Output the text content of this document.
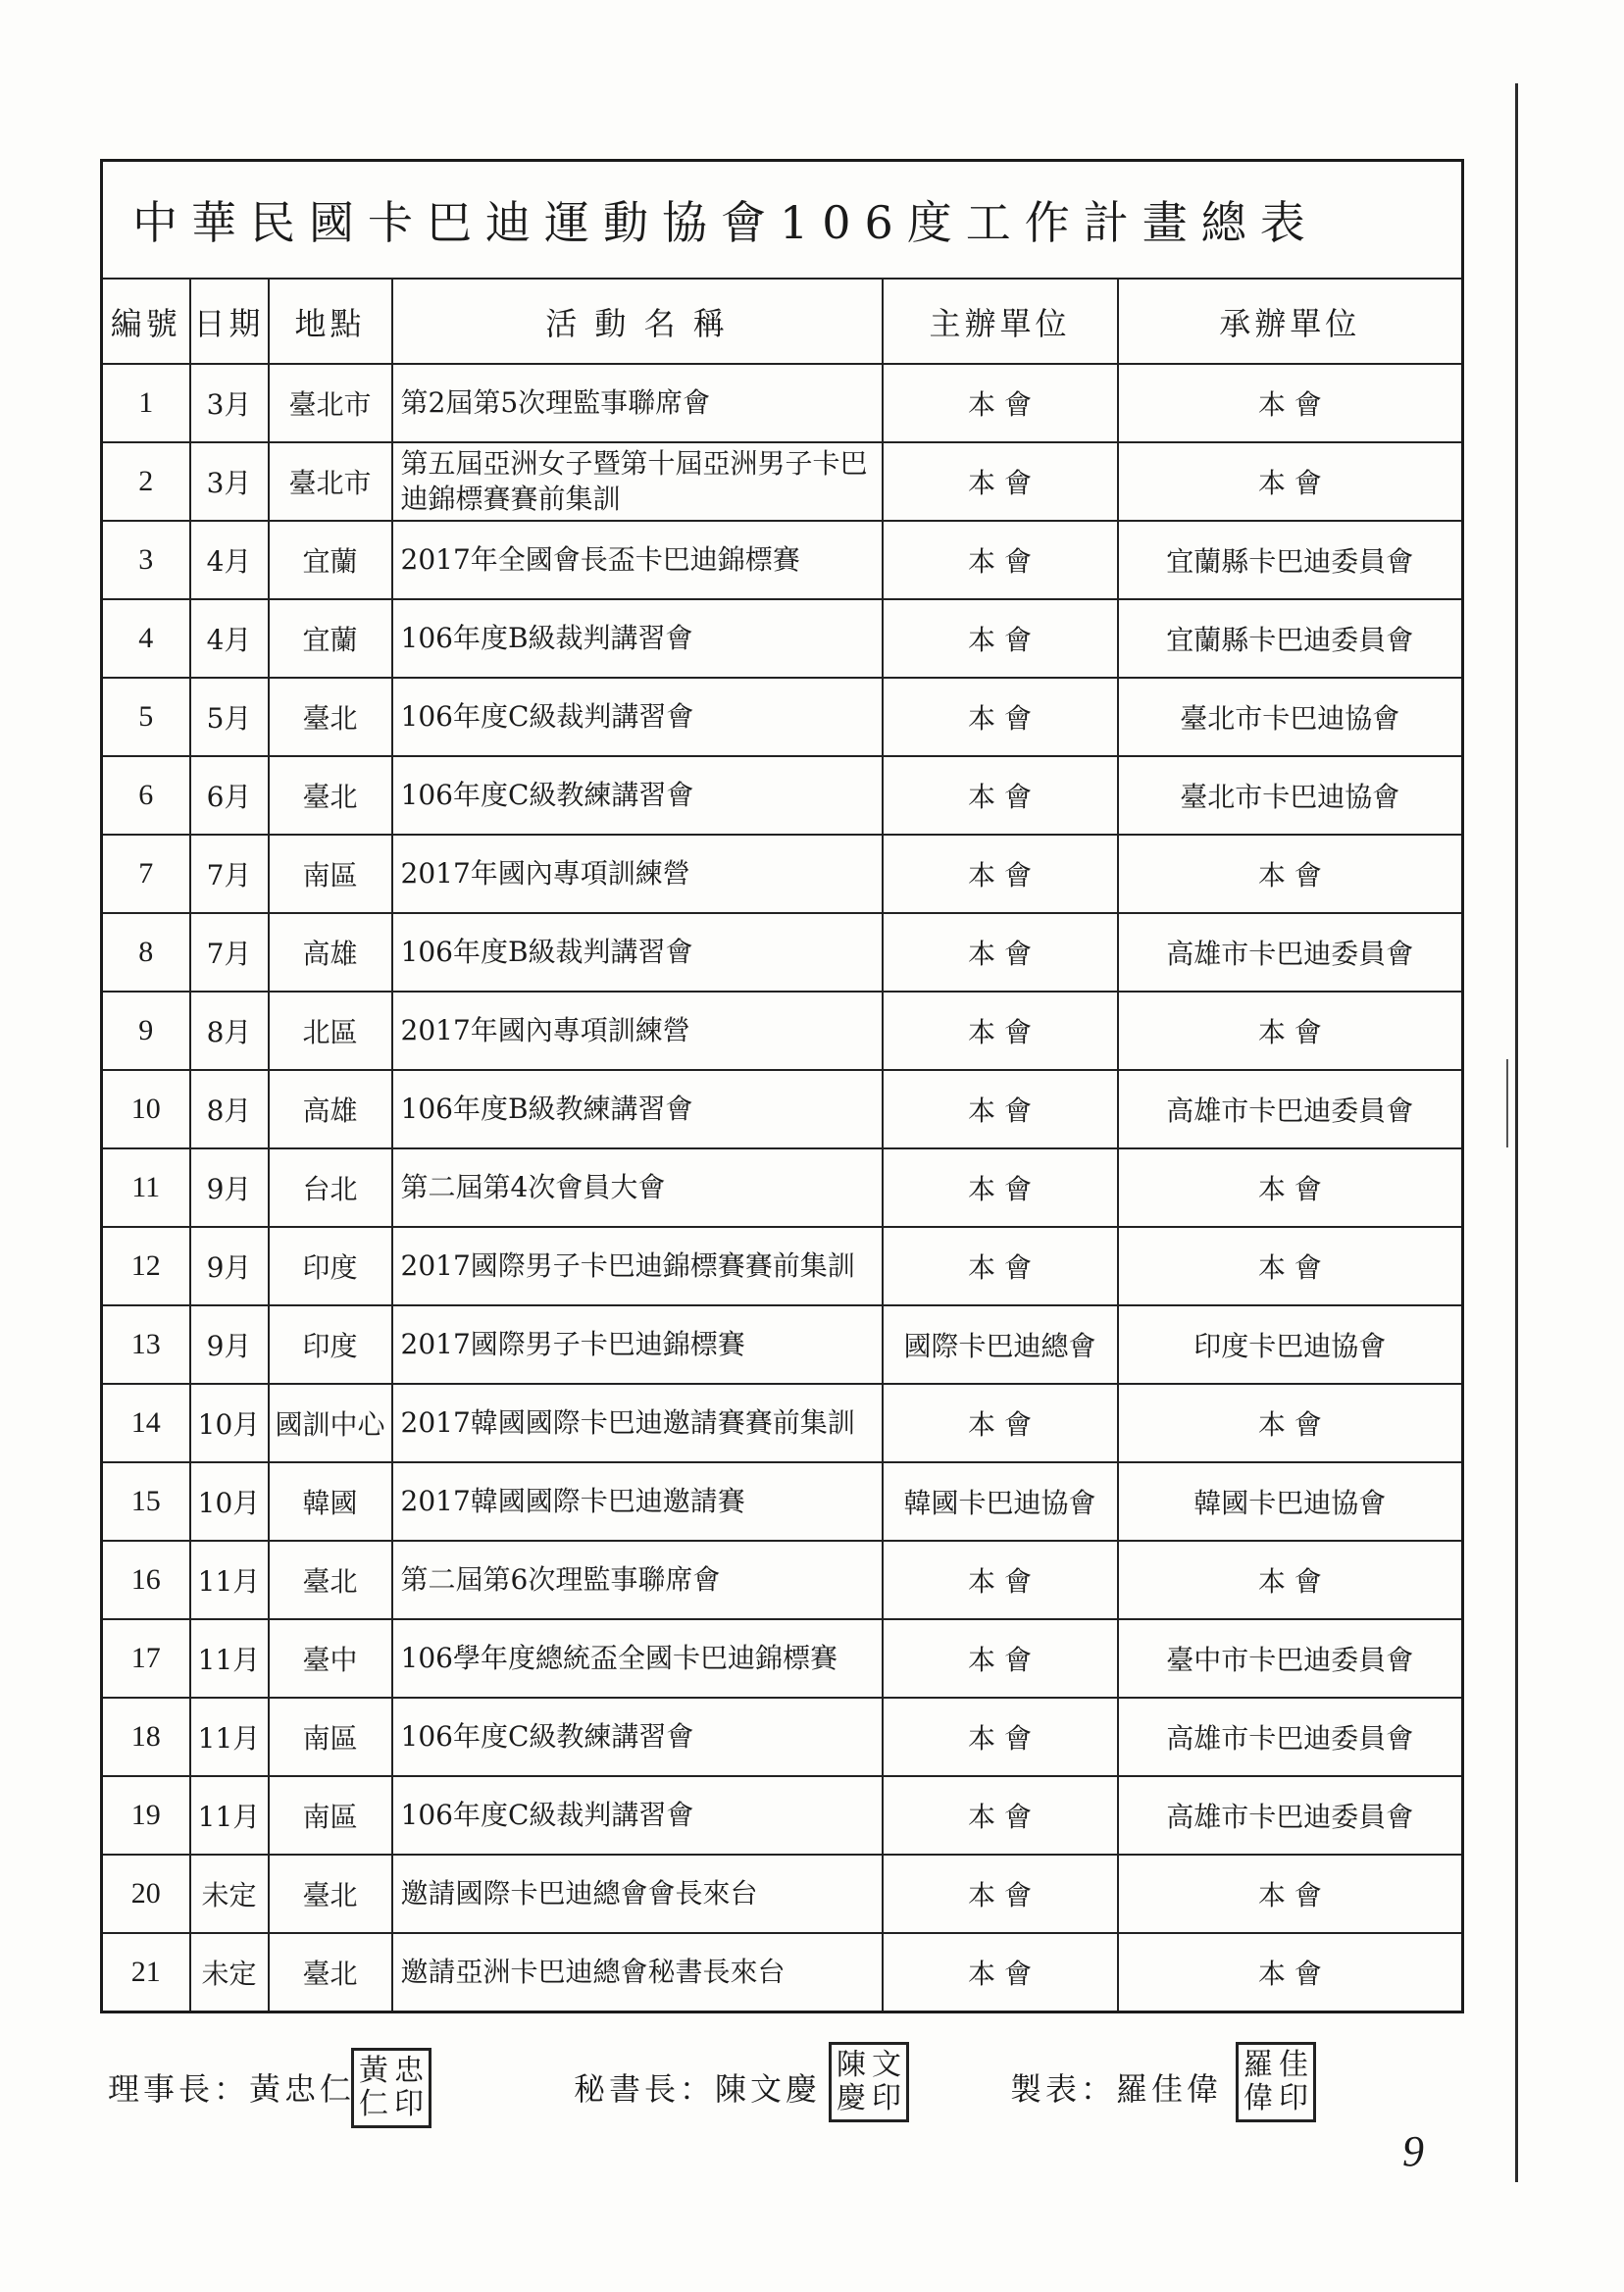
中華民國卡巴迪運動協會106度工作計畫總表					
編號	日期	地點	活 動 名 稱	主辦單位	承辦單位
1	3月	臺北市	第2屆第5次理監事聯席會	本 會	本 會
2	3月	臺北市	第五屆亞洲女子暨第十屆亞洲男子卡巴迪錦標賽賽前集訓	本 會	本 會
3	4月	宜蘭	2017年全國會長盃卡巴迪錦標賽	本 會	宜蘭縣卡巴迪委員會
4	4月	宜蘭	106年度B級裁判講習會	本 會	宜蘭縣卡巴迪委員會
5	5月	臺北	106年度C級裁判講習會	本 會	臺北市卡巴迪協會
6	6月	臺北	106年度C級教練講習會	本 會	臺北市卡巴迪協會
7	7月	南區	2017年國內專項訓練營	本 會	本 會
8	7月	高雄	106年度B級裁判講習會	本 會	高雄市卡巴迪委員會
9	8月	北區	2017年國內專項訓練營	本 會	本 會
10	8月	高雄	106年度B級教練講習會	本 會	高雄市卡巴迪委員會
11	9月	台北	第二屆第4次會員大會	本 會	本 會
12	9月	印度	2017國際男子卡巴迪錦標賽賽前集訓	本 會	本 會
13	9月	印度	2017國際男子卡巴迪錦標賽	國際卡巴迪總會	印度卡巴迪協會
14	10月	國訓中心	2017韓國國際卡巴迪邀請賽賽前集訓	本 會	本 會
15	10月	韓國	2017韓國國際卡巴迪邀請賽	韓國卡巴迪協會	韓國卡巴迪協會
16	11月	臺北	第二屆第6次理監事聯席會	本 會	本 會
17	11月	臺中	106學年度總統盃全國卡巴迪錦標賽	本 會	臺中市卡巴迪委員會
18	11月	南區	106年度C級教練講習會	本 會	高雄市卡巴迪委員會
19	11月	南區	106年度C級裁判講習會	本 會	高雄市卡巴迪委員會
20	未定	臺北	邀請國際卡巴迪總會會長來台	本 會	本 會
21	未定	臺北	邀請亞洲卡巴迪總會秘書長來台	本 會	本 會
理事長：黃忠仁 黃 忠
仁 印	秘書長：陳文慶
陳 文
慶 印	製表：羅佳偉
羅 佳
偉 印
9
